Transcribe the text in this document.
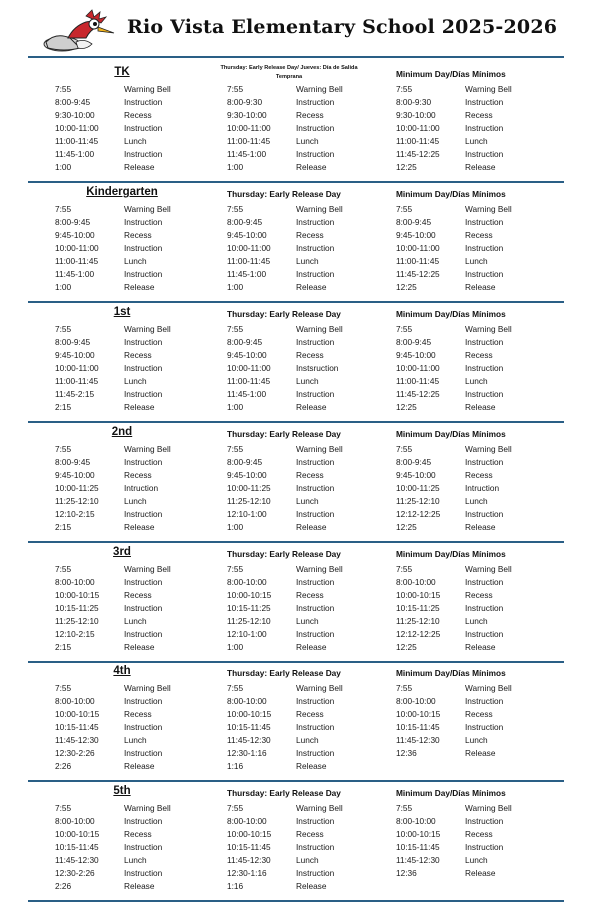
Rio Vista Elementary School 2025-2026
TK
7:55	Warning Bell
8:00-9:45	Instruction
9:30-10:00	Recess
10:00-11:00	Instruction
11:00-11:45	Lunch
11:45-1:00	Instruction
1:00	Release
Thursday: Early Release Day/ Jueves: Día de Salida Temprana
7:55	Warning Bell
8:00-9:30	Instruction
9:30-10:00	Recess
10:00-11:00	Instruction
11:00-11:45	Lunch
11:45-1:00	Instruction
1:00	Release
Minimum Day/Días Mínimos
7:55	Warning Bell
8:00-9:30	Instruction
9:30-10:00	Recess
10:00-11:00	Instruction
11:00-11:45	Lunch
11:45-12:25	Instruction
12:25	Release
Kindergarten
7:55	Warning Bell
8:00-9:45	Instruction
9:45-10:00	Recess
10:00-11:00	Instruction
11:00-11:45	Lunch
11:45-1:00	Instruction
1:00	Release
Thursday: Early Release Day
7:55	Warning Bell
8:00-9:45	Instruction
9:45-10:00	Recess
10:00-11:00	Instruction
11:00-11:45	Lunch
11:45-1:00	Instruction
1:00	Release
Minimum Day/Días Mínimos
7:55	Warning Bell
8:00-9:45	Instruction
9:45-10:00	Recess
10:00-11:00	Instruction
11:00-11:45	Lunch
11:45-12:25	Instruction
12:25	Release
1st
7:55	Warning Bell
8:00-9:45	Instruction
9:45-10:00	Recess
10:00-11:00	Instruction
11:00-11:45	Lunch
11:45-2:15	Instruction
2:15	Release
Thursday: Early Release Day
7:55	Warning Bell
8:00-9:45	Instruction
9:45-10:00	Recess
10:00-11:00	Instsruction
11:00-11:45	Lunch
11:45-1:00	Instruction
1:00	Release
Minimum Day/Días Mínimos
7:55	Warning Bell
8:00-9:45	Instruction
9:45-10:00	Recess
10:00-11:00	Instruction
11:00-11:45	Lunch
11:45-12:25	Instruction
12:25	Release
2nd
7:55	Warning Bell
8:00-9:45	Instruction
9:45-10:00	Recess
10:00-11:25	Intruction
11:25-12:10	Lunch
12:10-2:15	Instruction
2:15	Release
Thursday: Early Release Day
7:55	Warning Bell
8:00-9:45	Instruction
9:45-10:00	Recess
10:00-11:25	Instruction
11:25-12:10	Lunch
12:10-1:00	Instruction
1:00	Release
Minimum Day/Días Mínimos
7:55	Warning Bell
8:00-9:45	Instruction
9:45-10:00	Recess
10:00-11:25	Intruction
11:25-12:10	Lunch
12:12-12:25	Instruction
12:25	Release
3rd
7:55	Warning Bell
8:00-10:00	Instruction
10:00-10:15	Recess
10:15-11:25	Instruction
11:25-12:10	Lunch
12:10-2:15	Instruction
2:15	Release
Thursday: Early Release Day
7:55	Warning Bell
8:00-10:00	Instruction
10:00-10:15	Recess
10:15-11:25	Instruction
11:25-12:10	Lunch
12:10-1:00	Instruction
1:00	Release
Minimum Day/Días Mínimos
7:55	Warning Bell
8:00-10:00	Instruction
10:00-10:15	Recess
10:15-11:25	Instruction
11:25-12:10	Lunch
12:12-12:25	Instruction
12:25	Release
4th
7:55	Warning Bell
8:00-10:00	Instruction
10:00-10:15	Recess
10:15-11:45	Instruction
11:45-12:30	Lunch
12:30-2:26	Instruction
2:26	Release
Thursday: Early Release Day
7:55	Warning Bell
8:00-10:00	Instruction
10:00-10:15	Recess
10:15-11:45	Instruction
11:45-12:30	Lunch
12:30-1:16	Instruction
1:16	Release
Minimum Day/Días Mínimos
7:55	Warning Bell
8:00-10:00	Instruction
10:00-10:15	Recess
10:15-11:45	Instruction
11:45-12:30	Lunch
12:36	Release
5th
7:55	Warning Bell
8:00-10:00	Instruction
10:00-10:15	Recess
10:15-11:45	Instruction
11:45-12:30	Lunch
12:30-2:26	Instruction
2:26	Release
Thursday: Early Release Day
7:55	Warning Bell
8:00-10:00	Instruction
10:00-10:15	Recess
10:15-11:45	Instruction
11:45-12:30	Lunch
12:30-1:16	Instruction
1:16	Release
Minimum Day/Días Mínimos
7:55	Warning Bell
8:00-10:00	Instruction
10:00-10:15	Recess
10:15-11:45	Instruction
11:45-12:30	Lunch
12:36	Release
